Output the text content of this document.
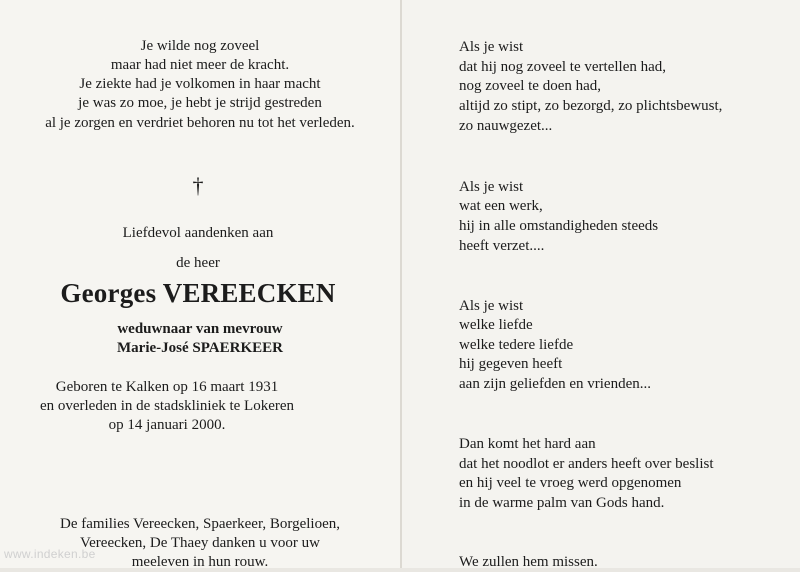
Je wilde nog zoveel
maar had niet meer de kracht.
Je ziekte had je volkomen in haar macht
je was zo moe, je hebt je strijd gestreden
al je zorgen en verdriet behoren nu tot het verleden.
†
Liefdevol aandenken aan
de heer
Georges VEREECKEN
weduwnaar van mevrouw
Marie-José SPAERKEER
Geboren te Kalken op 16 maart 1931
en overleden in de stadskliniek te Lokeren
op 14 januari 2000.
De families Vereecken, Spaerkeer, Borgelioen,
Vereecken, De Thaey danken u voor uw
meeleven in hun rouw.
www.indeken.be
Als je wist
dat hij nog zoveel te vertellen had,
nog zoveel te doen had,
altijd zo stipt, zo bezorgd, zo plichtsbewust,
zo nauwgezet...
Als je wist
wat een werk,
hij in alle omstandigheden steeds
heeft verzet....
Als je wist
welke liefde
welke tedere liefde
hij gegeven heeft
aan zijn geliefden en vrienden...
Dan komt het hard aan
dat het noodlot er anders heeft over beslist
en hij veel te vroeg werd opgenomen
in de warme palm van Gods hand.
We zullen hem missen.
